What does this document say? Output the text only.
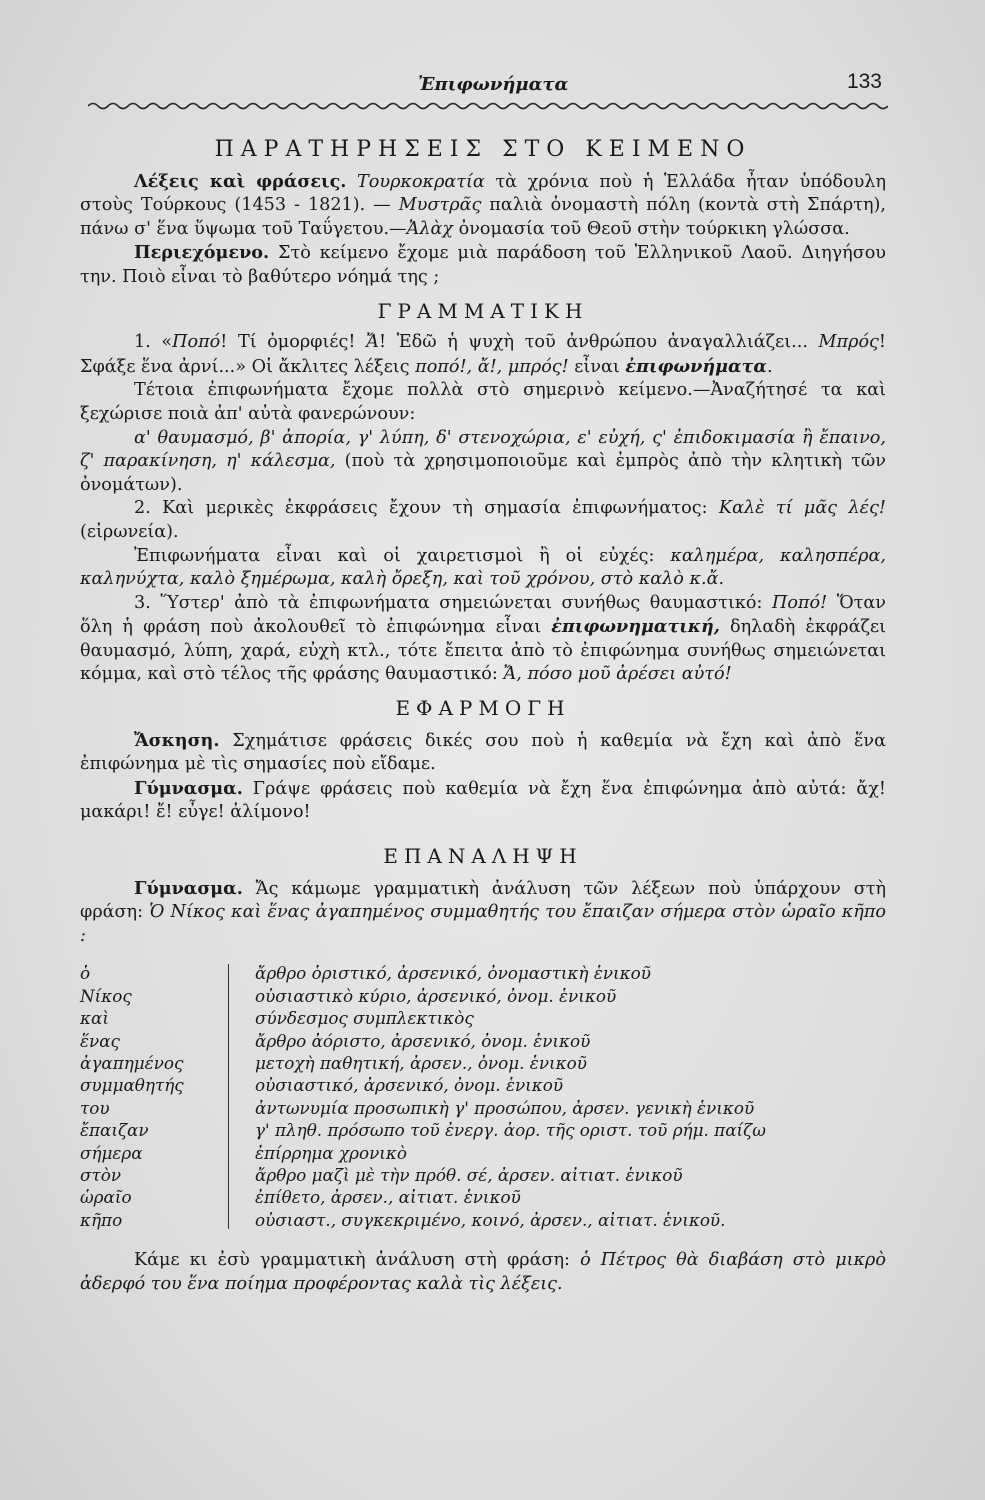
Ἐπιφωνήματα	133
ΠΑΡΑΤΗΡΗΣΕΙΣ ΣΤΟ ΚΕΙΜΕΝΟ

Λέξεις καὶ φράσεις. Τουρκοκρατία τὰ χρόνια ποὺ ἡ Ἑλλάδα ἦταν ὑπόδουλη στοὺς Τούρκους (1453 - 1821). — Μυστρᾶς παλιὰ ὀνομαστὴ πόλη (κοντὰ στὴ Σπάρτη), πάνω σ' ἕνα ὕψωμα τοῦ Ταΰγετου.—Ἀλὰχ ὀνομασία τοῦ Θεοῦ στὴν τούρκικη γλώσσα.

Περιεχόμενο. Στὸ κείμενο ἔχομε μιὰ παράδοση τοῦ Ἑλληνικοῦ Λαοῦ. Διηγήσου την. Ποιὸ εἶναι τὸ βαθύτερο νόημά της ;

ΓΡΑΜΜΑΤΙΚΗ

1. «Ποπό! Τί ὀμορφιές! Ἄ! Ἐδῶ ἡ ψυχὴ τοῦ ἀνθρώπου ἀναγαλλιάζει... Μπρός! Σφάξε ἕνα ἀρνί...» Οἱ ἄκλιτες λέξεις ποπό!, ἄ!, μπρός! εἶναι ἐπιφωνήματα.

Τέτοια ἐπιφωνήματα ἔχομε πολλὰ στὸ σημερινὸ κείμενο.—Ἀναζήτησέ τα καὶ ξεχώρισε ποιὰ ἀπ' αὐτὰ φανερώνουν:

α' θαυμασμό, β' ἀπορία, γ' λύπη, δ' στενοχώρια, ε' εὐχή, ς' ἐπιδοκιμασία ἢ ἔπαινο, ζ' παρακίνηση, η' κάλεσμα, (ποὺ τὰ χρησιμοποιοῦμε καὶ ἐμπρὸς ἀπὸ τὴν κλητικὴ τῶν ὀνομάτων).

2. Καὶ μερικὲς ἐκφράσεις ἔχουν τὴ σημασία ἐπιφωνήματος: Καλὲ τί μᾶς λές! (εἰρωνεία).

Ἐπιφωνήματα εἶναι καὶ οἱ χαιρετισμοὶ ἢ οἱ εὐχές: καλημέρα, καλησπέρα, καληνύχτα, καλὸ ξημέρωμα, καλὴ ὄρεξη, καὶ τοῦ χρόνου, στὸ καλὸ κ.ἄ.

3. Ὕστερ' ἀπὸ τὰ ἐπιφωνήματα σημειώνεται συνήθως θαυμαστικό: Ποπό! Ὅταν ὅλη ἡ φράση ποὺ ἀκολουθεῖ τὸ ἐπιφώνημα εἶναι ἐπιφωνηματική, δηλαδὴ ἐκφράζει θαυμασμό, λύπη, χαρά, εὐχὴ κτλ., τότε ἔπειτα ἀπὸ τὸ ἐπιφώνημα συνήθως σημειώνεται κόμμα, καὶ στὸ τέλος τῆς φράσης θαυμαστικό: Ἄ, πόσο μοῦ ἀρέσει αὐτό!

ΕΦΑΡΜΟΓΗ

Ἄσκηση. Σχημάτισε φράσεις δικές σου ποὺ ἡ καθεμία νὰ ἔχη καὶ ἀπὸ ἕνα ἐπιφώνημα μὲ τὶς σημασίες ποὺ εἴδαμε.

Γύμνασμα. Γράψε φράσεις ποὺ καθεμία νὰ ἔχη ἕνα ἐπιφώνημα ἀπὸ αὐτά: ἄχ! μακάρι! ἔ! εὖγε! ἀλίμονο!

ΕΠΑΝΑΛΗΨΗ

Γύμνασμα. Ἄς κάμωμε γραμματικὴ ἀνάλυση τῶν λέξεων ποὺ ὑπάρχουν στὴ φράση: Ὁ Νίκος καὶ ἕνας ἀγαπημένος συμμαθητής του ἔπαιζαν σήμερα στὸν ὡραῖο κῆπο :

ὁ
Νίκος
καὶ
ἕνας
ἀγαπημένος
συμμαθητής
του
ἔπαιζαν
σήμερα
στὸν
ὡραῖο
κῆπο
ἄρθρο ὁριστικό, ἀρσενικό, ὀνομαστικὴ ἑνικοῦ
οὐσιαστικὸ κύριο, ἀρσενικό, ὀνομ. ἑνικοῦ
σύνδεσμος συμπλεκτικὸς
ἄρθρο ἀόριστο, ἀρσενικό, ὀνομ. ἑνικοῦ
μετοχὴ παθητική, ἀρσεν., ὀνομ. ἑνικοῦ
οὐσιαστικό, ἀρσενικό, ὀνομ. ἑνικοῦ
ἀντωνυμία προσωπικὴ γ' προσώπου, ἀρσεν. γενικὴ ἑνικοῦ
γ' πληθ. πρόσωπο τοῦ ἐνεργ. ἀορ. τῆς οριστ. τοῦ ρήμ. παίζω
ἐπίρρημα χρονικὸ
ἄρθρο μαζὶ μὲ τὴν πρόθ. σέ, ἀρσεν. αἰτιατ. ἑνικοῦ
ἐπίθετο, ἀρσεν., αἰτιατ. ἑνικοῦ
οὐσιαστ., συγκεκριμένο, κοινό, ἀρσεν., αἰτιατ. ἑνικοῦ.

Κάμε κι ἐσὺ γραμματικὴ ἀνάλυση στὴ φράση: ὁ Πέτρος θὰ διαβάση στὸ μικρὸ ἀδερφό του ἕνα ποίημα προφέροντας καλὰ τὶς λέξεις.
